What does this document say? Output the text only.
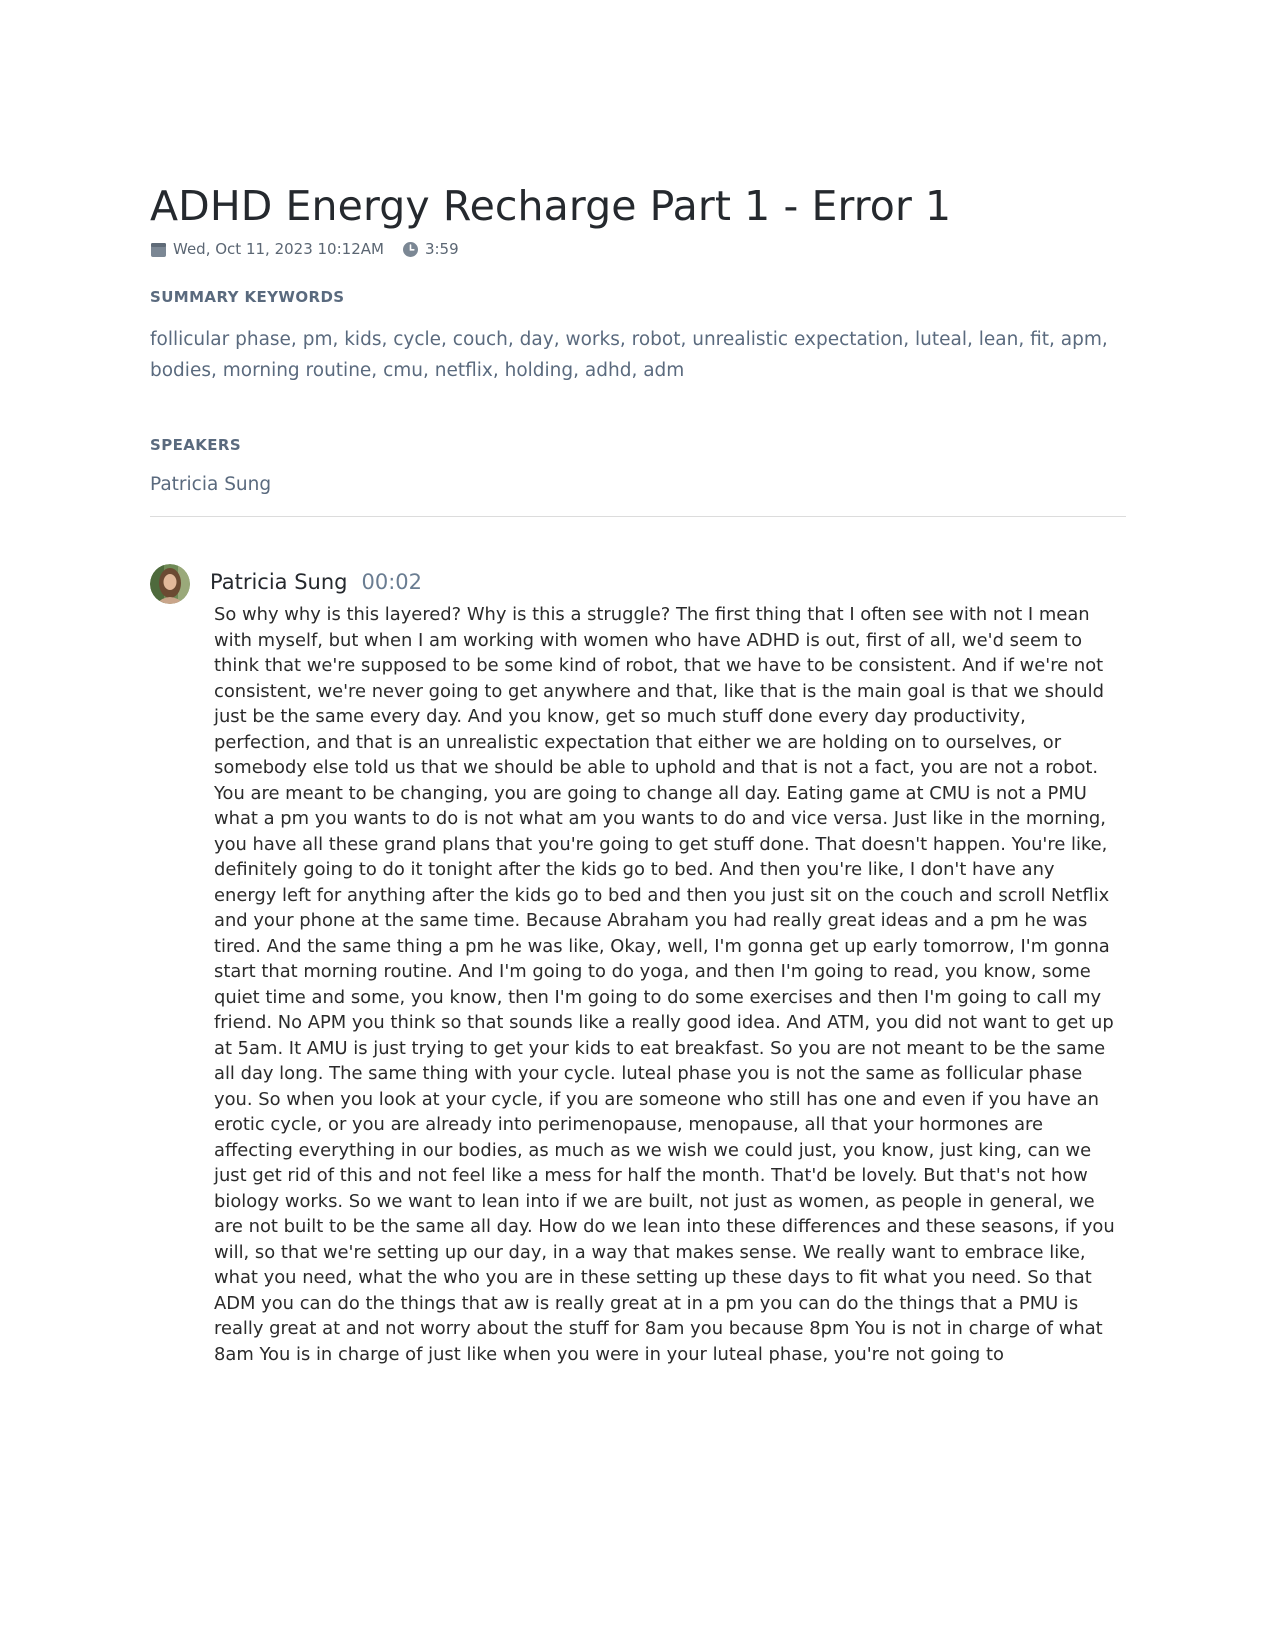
ADHD Energy Recharge Part 1 - Error 1
Wed, Oct 11, 2023 10:12AM	3:59
SUMMARY KEYWORDS
follicular phase, pm, kids, cycle, couch, day, works, robot, unrealistic expectation, luteal, lean, fit, apm, bodies, morning routine, cmu, netflix, holding, adhd, adm
SPEAKERS
Patricia Sung
Patricia Sung 00:02
So why why is this layered? Why is this a struggle? The first thing that I often see with not I mean with myself, but when I am working with women who have ADHD is out, first of all, we'd seem to think that we're supposed to be some kind of robot, that we have to be consistent. And if we're not consistent, we're never going to get anywhere and that, like that is the main goal is that we should just be the same every day. And you know, get so much stuff done every day productivity, perfection, and that is an unrealistic expectation that either we are holding on to ourselves, or somebody else told us that we should be able to uphold and that is not a fact, you are not a robot. You are meant to be changing, you are going to change all day. Eating game at CMU is not a PMU what a pm you wants to do is not what am you wants to do and vice versa. Just like in the morning, you have all these grand plans that you're going to get stuff done. That doesn't happen. You're like, definitely going to do it tonight after the kids go to bed. And then you're like, I don't have any energy left for anything after the kids go to bed and then you just sit on the couch and scroll Netflix and your phone at the same time. Because Abraham you had really great ideas and a pm he was tired. And the same thing a pm he was like, Okay, well, I'm gonna get up early tomorrow, I'm gonna start that morning routine. And I'm going to do yoga, and then I'm going to read, you know, some quiet time and some, you know, then I'm going to do some exercises and then I'm going to call my friend. No APM you think so that sounds like a really good idea. And ATM, you did not want to get up at 5am. It AMU is just trying to get your kids to eat breakfast. So you are not meant to be the same all day long. The same thing with your cycle. luteal phase you is not the same as follicular phase you. So when you look at your cycle, if you are someone who still has one and even if you have an erotic cycle, or you are already into perimenopause, menopause, all that your hormones are affecting everything in our bodies, as much as we wish we could just, you know, just king, can we just get rid of this and not feel like a mess for half the month. That'd be lovely. But that's not how biology works. So we want to lean into if we are built, not just as women, as people in general, we are not built to be the same all day. How do we lean into these differences and these seasons, if you will, so that we're setting up our day, in a way that makes sense. We really want to embrace like, what you need, what the who you are in these setting up these days to fit what you need. So that ADM you can do the things that aw is really great at in a pm you can do the things that a PMU is really great at and not worry about the stuff for 8am you because 8pm You is not in charge of what 8am You is in charge of just like when you were in your luteal phase, you're not going to
